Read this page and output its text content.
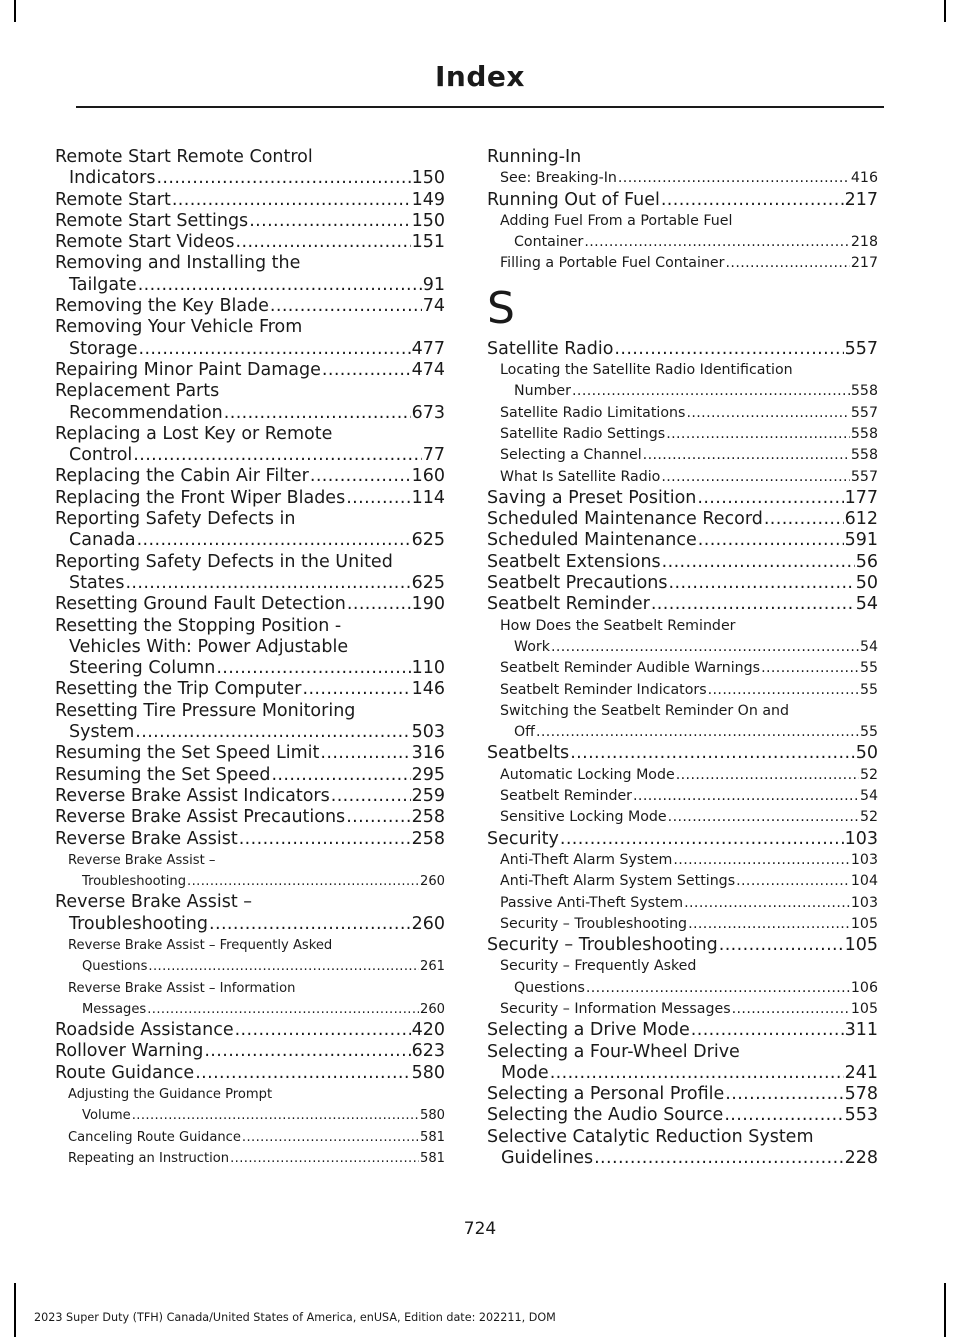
Index
Remote Start Remote Control
Indicators .....	150
Remote Start .....	149
Remote Start Settings .....	150
Remote Start Videos .....	151
Removing and Installing the
Tailgate .....	91
Removing the Key Blade .....	74
Removing Your Vehicle From
Storage .....	477
Repairing Minor Paint Damage .....	474
Replacement Parts
Recommendation .....	673
Replacing a Lost Key or Remote
Control .....	77
Replacing the Cabin Air Filter .....	160
Replacing the Front Wiper Blades .....	114
Reporting Safety Defects in
Canada .....	625
Reporting Safety Defects in the United
States .....	625
Resetting Ground Fault Detection .....	190
Resetting the Stopping Position -
Vehicles With: Power Adjustable
Steering Column .....	110
Resetting the Trip Computer .....	146
Resetting Tire Pressure Monitoring
System .....	503
Resuming the Set Speed Limit .....	316
Resuming the Set Speed .....	295
Reverse Brake Assist Indicators .....	259
Reverse Brake Assist Precautions .....	258
Reverse Brake Assist .....	258
Reverse Brake Assist –
Troubleshooting .....	260
Reverse Brake Assist –
Troubleshooting .....	260
Reverse Brake Assist – Frequently Asked
Questions .....	261
Reverse Brake Assist – Information
Messages .....	260
Roadside Assistance .....	420
Rollover Warning .....	623
Route Guidance .....	580
Adjusting the Guidance Prompt
Volume .....	580
Canceling Route Guidance .....	581
Repeating an Instruction .....	581
Running-In
See: Breaking-In .....	416
Running Out of Fuel .....	217
Adding Fuel From a Portable Fuel
Container .....	218
Filling a Portable Fuel Container .....	217
S
Satellite Radio .....	557
Locating the Satellite Radio Identification
Number .....	558
Satellite Radio Limitations .....	557
Satellite Radio Settings .....	558
Selecting a Channel .....	558
What Is Satellite Radio .....	557
Saving a Preset Position .....	177
Scheduled Maintenance Record .....	612
Scheduled Maintenance .....	591
Seatbelt Extensions .....	56
Seatbelt Precautions .....	50
Seatbelt Reminder .....	54
How Does the Seatbelt Reminder
Work .....	54
Seatbelt Reminder Audible Warnings .....	55
Seatbelt Reminder Indicators .....	55
Switching the Seatbelt Reminder On and
Off .....	55
Seatbelts .....	50
Automatic Locking Mode .....	52
Seatbelt Reminder .....	54
Sensitive Locking Mode .....	52
Security .....	103
Anti-Theft Alarm System .....	103
Anti-Theft Alarm System Settings .....	104
Passive Anti-Theft System .....	103
Security – Troubleshooting .....	105
Security – Troubleshooting .....	105
Security – Frequently Asked
Questions .....	106
Security – Information Messages .....	105
Selecting a Drive Mode .....	311
Selecting a Four-Wheel Drive
Mode .....	241
Selecting a Personal Profile .....	578
Selecting the Audio Source .....	553
Selective Catalytic Reduction System
Guidelines .....	228
724
2023 Super Duty (TFH) Canada/United States of America, enUSA, Edition date: 202211, DOM
